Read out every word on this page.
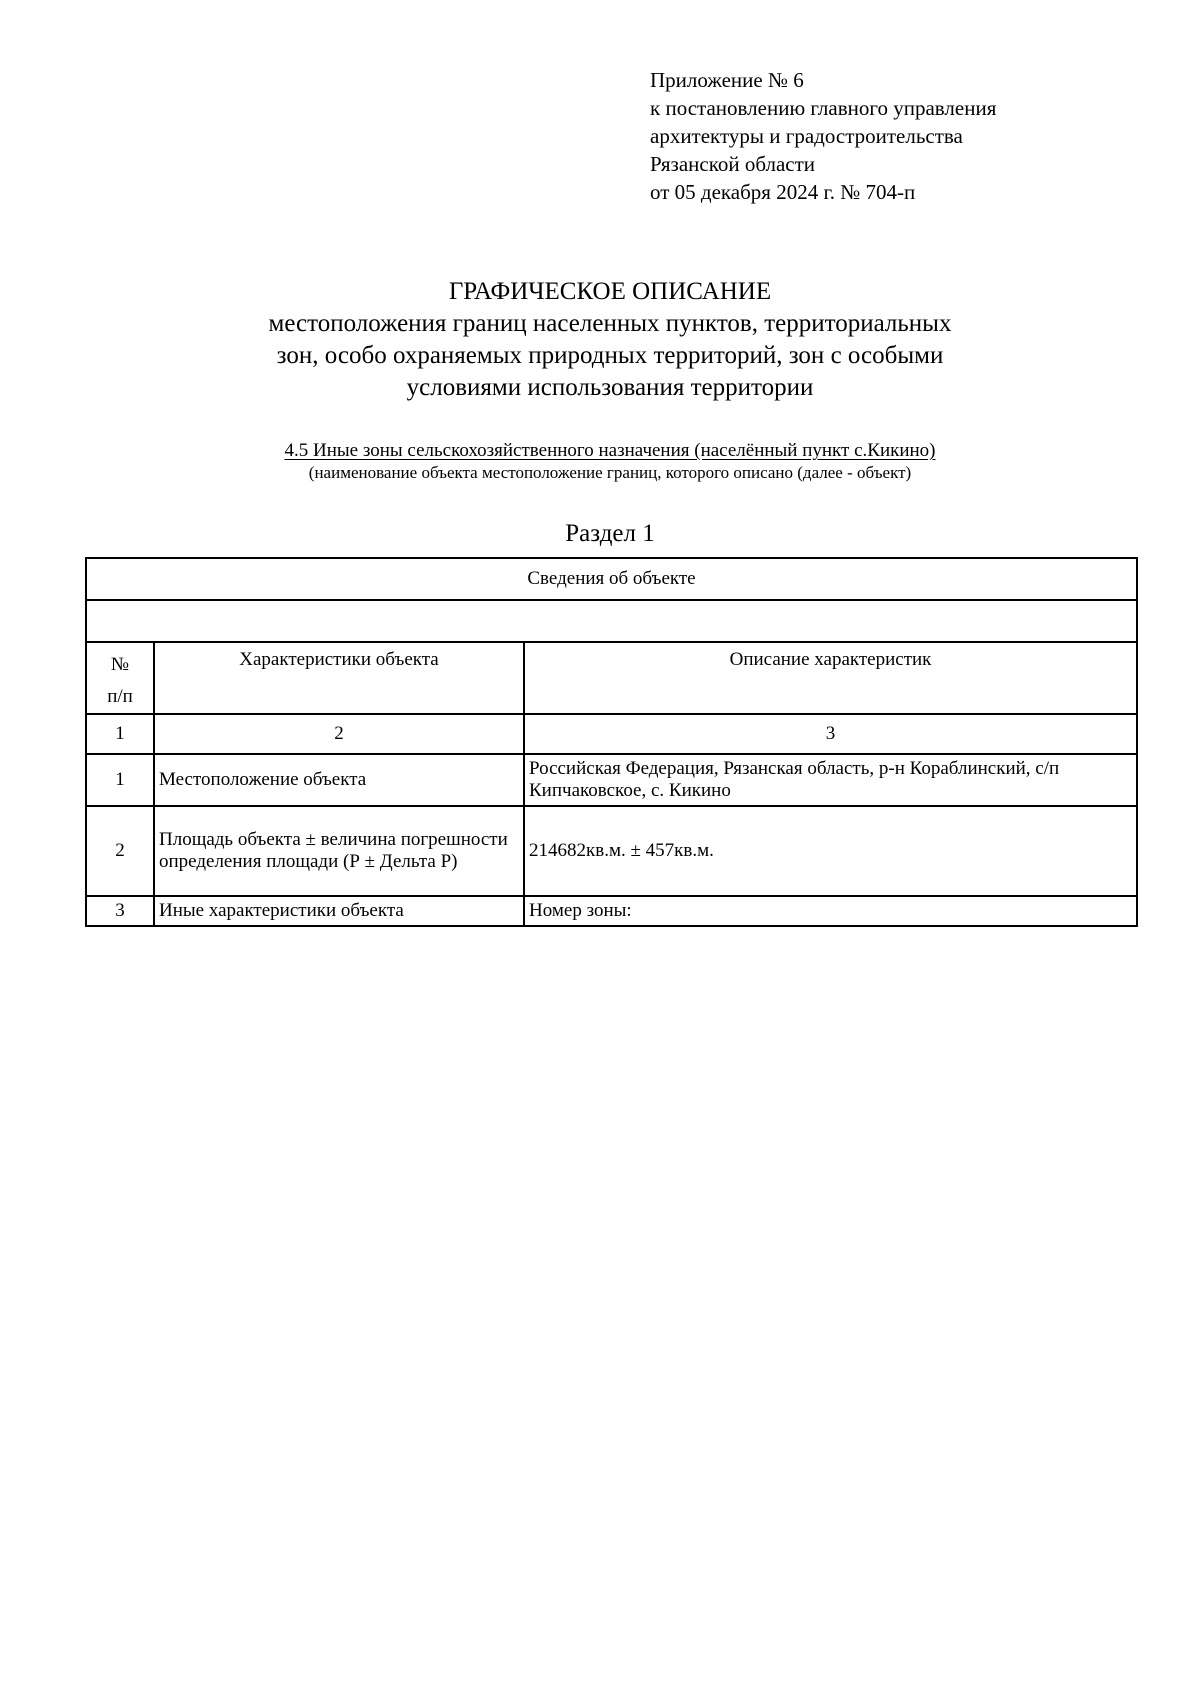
Приложение № 6
к постановлению главного управления
архитектуры и градостроительства
Рязанской области
от 05 декабря 2024 г. № 704-п
ГРАФИЧЕСКОЕ ОПИСАНИЕ
местоположения границ населенных пунктов, территориальных
зон, особо охраняемых природных территорий, зон с особыми
условиями использования территории
4.5 Иные зоны сельскохозяйственного назначения (населённый пункт с.Кикино)
(наименование объекта местоположение границ, которого описано (далее - объект)
Раздел 1
Сведения об объекте		

№
п/п	Характеристики объекта	Описание характеристик
1	2	3
1	Местоположение объекта	Российская Федерация, Рязанская область, р-н Кораблинский, с/п Кипчаковское, с. Кикино
2	Площадь объекта ± величина погрешности определения площади (Р ± Дельта Р)	214682кв.м. ± 457кв.м.
3	Иные характеристики объекта	Номер зоны:
